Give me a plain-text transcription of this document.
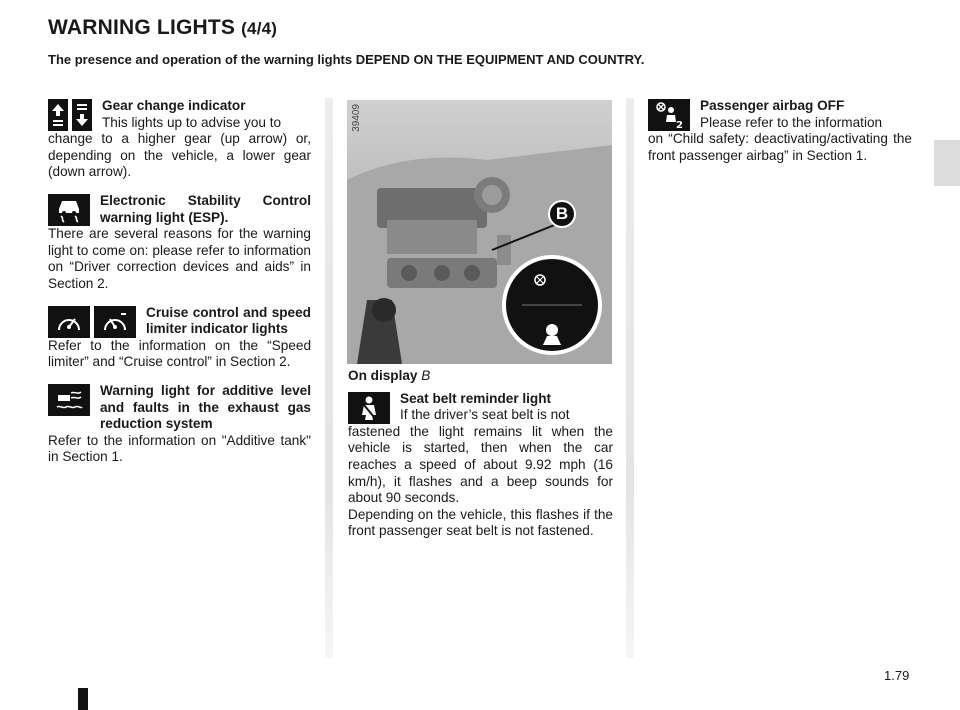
WARNING LIGHTS (4/4)
The presence and operation of the warning lights DEPEND ON THE EQUIPMENT AND COUNTRY.
Gear change indicator
This lights up to advise you to

change to a higher gear (up arrow) or, depending on the vehicle, a lower gear (down arrow).

Electronic Stability Control warning light (ESP).

There are several reasons for the warning light to come on: please refer to information on “Driver correction devices and aids” in Section 2.

Cruise control and speed limiter indicator lights

Refer to the information on the “Speed limiter” and “Cruise control” in Section 2.

Warning light for additive level and faults in the exhaust gas reduction system

Refer to the information on "Additive tank" in Section 1.

39409
B
On display B
Seat belt reminder light
If the driver’s seat belt is not

fastened the light remains lit when the vehicle is started, then when the car reaches a speed of about 9.92 mph (16 km/h), it flashes and a beep sounds for about 90 seconds.

Depending on the vehicle, this flashes if the front passenger seat belt is not fastened.

2
Passenger airbag OFF
Please refer to the information

on “Child safety: deactivating/activating the front passenger airbag” in Section 1.

1.79
